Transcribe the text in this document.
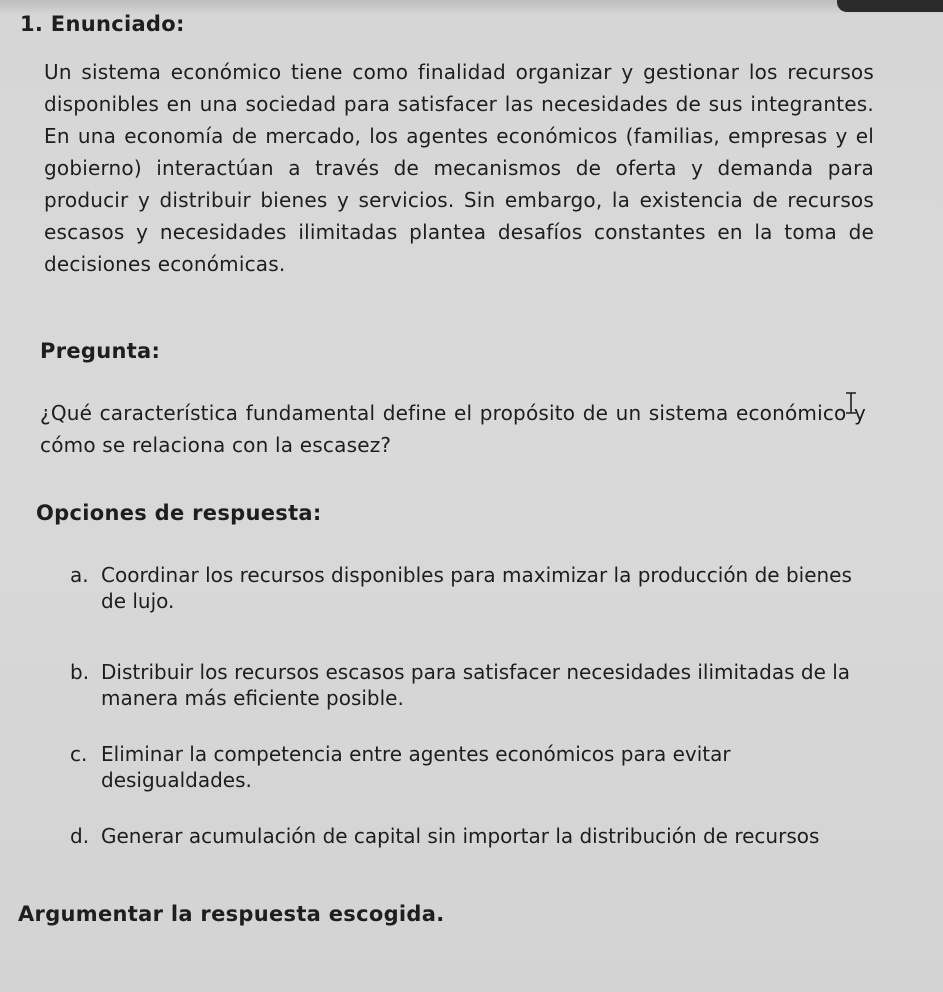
1. Enunciado:
Un sistema económico tiene como finalidad organizar y gestionar los recursos disponibles en una sociedad para satisfacer las necesidades de sus integrantes. En una economía de mercado, los agentes económicos (familias, empresas y el gobierno) interactúan a través de mecanismos de oferta y demanda para producir y distribuir bienes y servicios. Sin embargo, la existencia de recursos escasos y necesidades ilimitadas plantea desafíos constantes en la toma de decisiones económicas.
Pregunta:
¿Qué característica fundamental define el propósito de un sistema económico y cómo se relaciona con la escasez?
Opciones de respuesta:
a. Coordinar los recursos disponibles para maximizar la producción de bienes de lujo.
b. Distribuir los recursos escasos para satisfacer necesidades ilimitadas de la manera más eficiente posible.
c. Eliminar la competencia entre agentes económicos para evitar desigualdades.
d. Generar acumulación de capital sin importar la distribución de recursos
Argumentar la respuesta escogida.
